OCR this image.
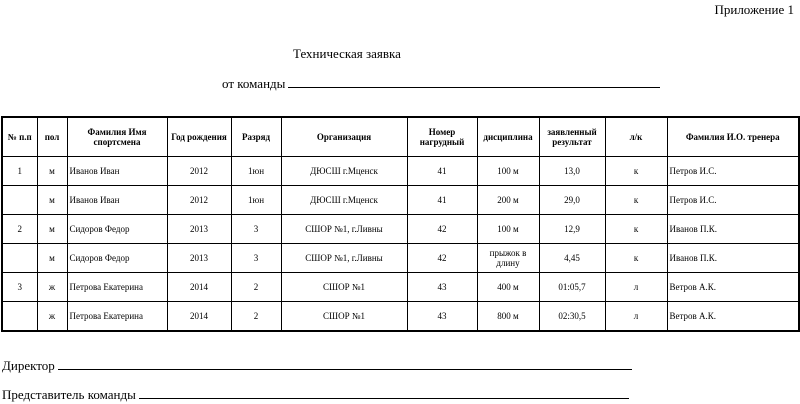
Приложение 1
Техническая заявка
от команды
№ п.п	пол	Фамилия Имя спортсмена	Год рождения	Разряд	Организация	Номер нагрудный	дисциплина	заявленный результат	л/к	Фамилия И.О. тренера
1	м	Иванов Иван	2012	1юн	ДЮСШ г.Мценск	41	100 м	13,0	к	Петров И.С.
	м	Иванов Иван	2012	1юн	ДЮСШ г.Мценск	41	200 м	29,0	к	Петров И.С.
2	м	Сидоров Федор	2013	3	СШОР №1, г.Ливны	42	100 м	12,9	к	Иванов П.К.
	м	Сидоров Федор	2013	3	СШОР №1, г.Ливны	42	прыжок в длину	4,45	к	Иванов П.К.
3	ж	Петрова Екатерина	2014	2	СШОР №1	43	400 м	01:05,7	л	Ветров А.К.
	ж	Петрова Екатерина	2014	2	СШОР №1	43	800 м	02:30,5	л	Ветров А.К.
Директор
Представитель команды
